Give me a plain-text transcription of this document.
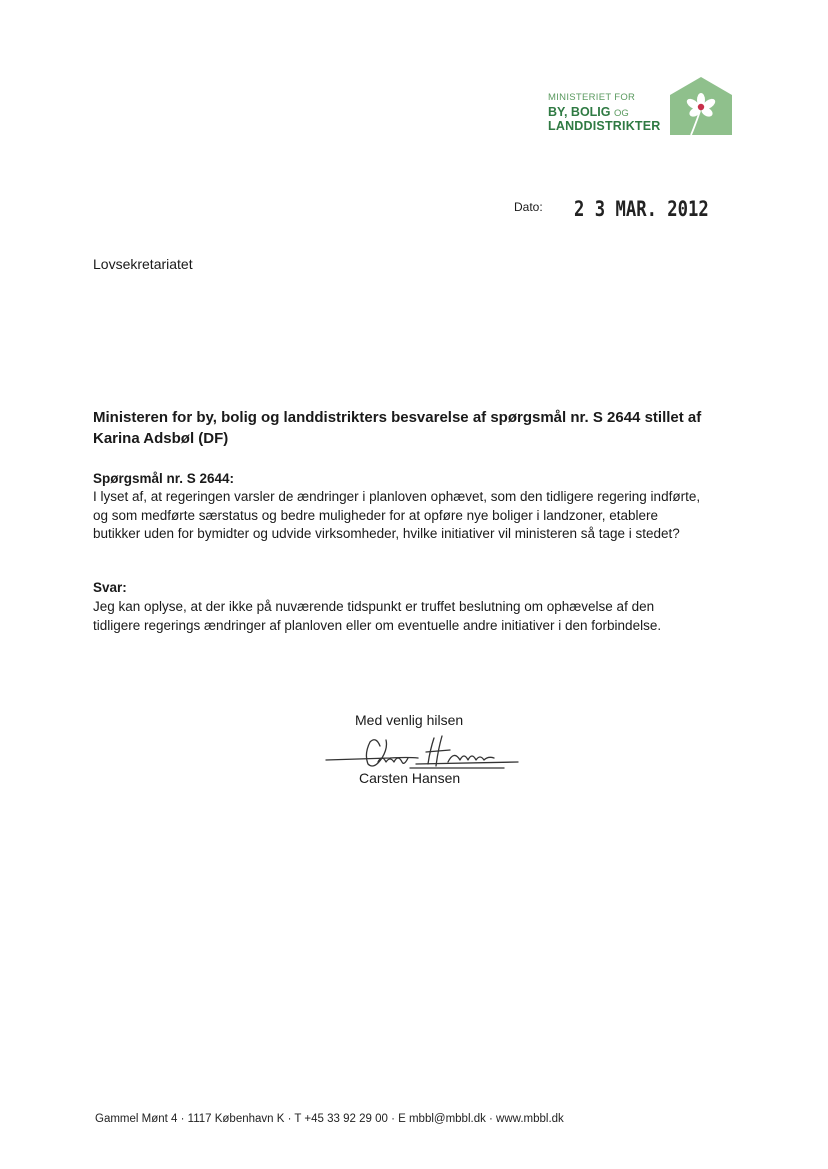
MINISTERIET FOR
BY, BOLIG OG
LANDDISTRIKTER
Dato: 2 3 MAR. 2012
Lovsekretariatet
Ministeren for by, bolig og landdistrikters besvarelse af spørgsmål nr. S 2644 stillet af Karina Adsbøl (DF)
Spørgsmål nr. S 2644:
I lyset af, at regeringen varsler de ændringer i planloven ophævet, som den tidligere regering indførte,
og som medførte særstatus og bedre muligheder for at opføre nye boliger i landzoner, etablere
butikker uden for bymidter og udvide virksomheder, hvilke initiativer vil ministeren så tage i stedet?
Svar:
Jeg kan oplyse, at der ikke på nuværende tidspunkt er truffet beslutning om ophævelse af den
tidligere regerings ændringer af planloven eller om eventuelle andre initiativer i den forbindelse.
Med venlig hilsen
Carsten Hansen
Gammel Mønt 4 · 1117 København K · T +45 33 92 29 00 · E mbbl@mbbl.dk · www.mbbl.dk
